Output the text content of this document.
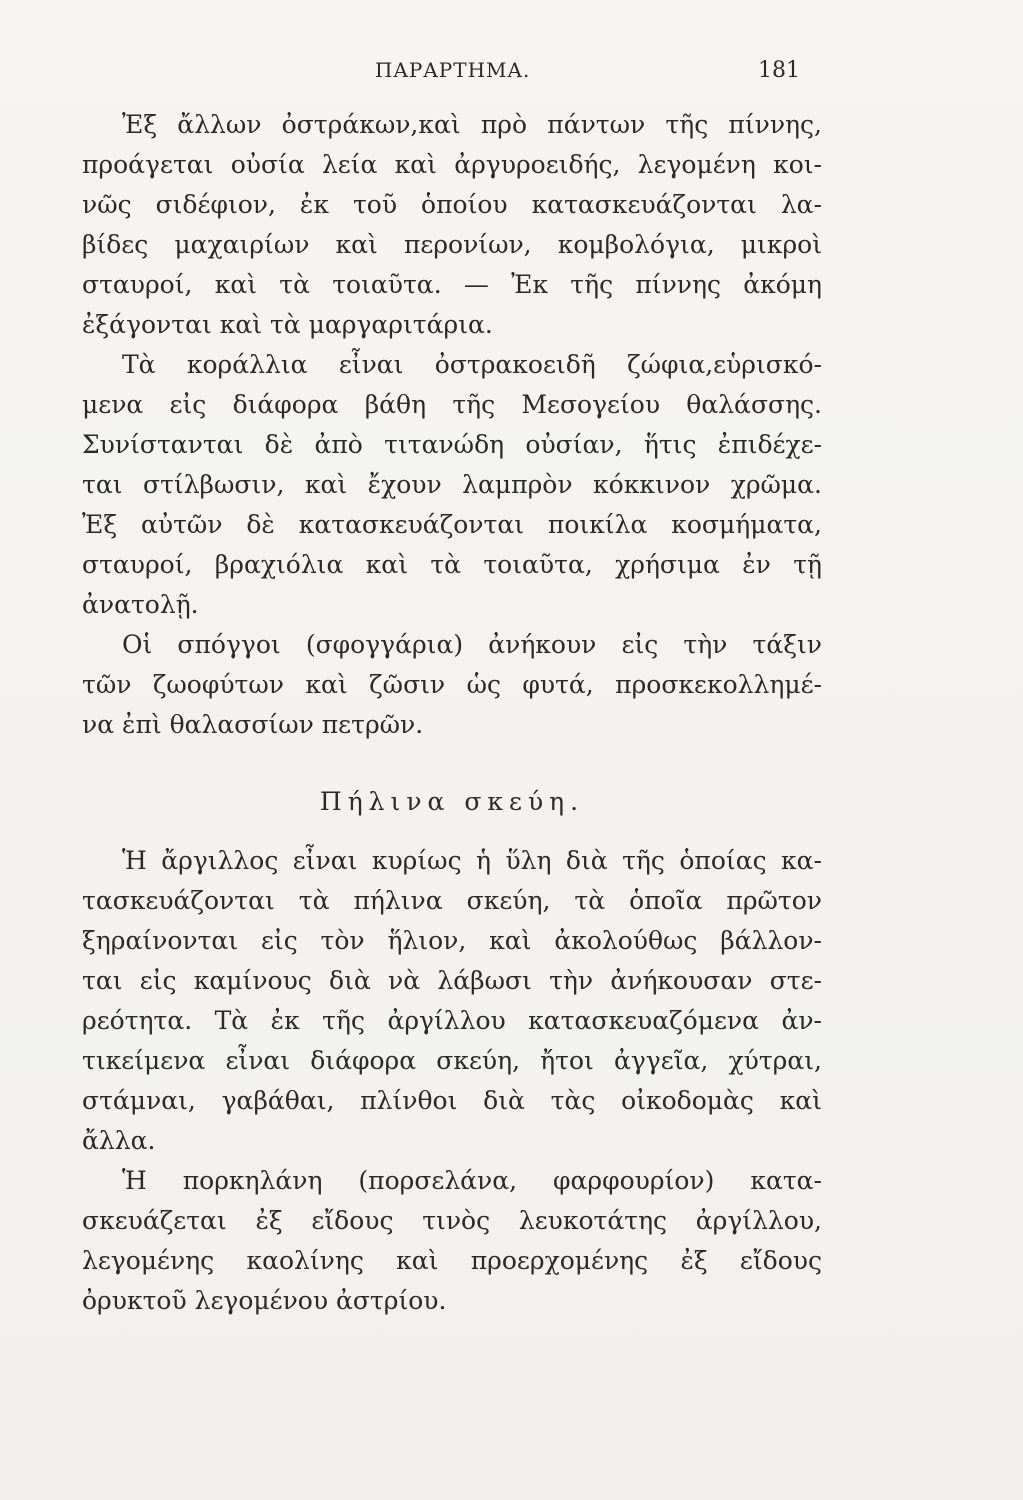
ΠΑΡΑΡΤΗΜΑ.	181
Ἐξ ἄλλων ὀστράκων,καὶ πρὸ πάντων τῆς πίννης,
προάγεται οὐσία λεία καὶ ἀργυροειδής, λεγομένη κοι-
νῶς σιδέφιον, ἐκ τοῦ ὁποίου κατασκευάζονται λα-
βίδες μαχαιρίων καὶ περονίων, κομβολόγια, μικροὶ
σταυροί, καὶ τὰ τοιαῦτα. — Ἐκ τῆς πίννης ἀκόμη
ἐξάγονται καὶ τὰ μαργαριτάρια.
Τὰ κοράλλια εἶναι ὀστρακοειδῆ ζώφια,εὑρισκό-
μενα εἰς διάφορα βάθη τῆς Μεσογείου θαλάσσης.
Συνίστανται δὲ ἀπὸ τιτανώδη οὐσίαν, ἥτις ἐπιδέχε-
ται στίλβωσιν, καὶ ἔχουν λαμπρὸν κόκκινον χρῶμα.
Ἐξ αὐτῶν δὲ κατασκευάζονται ποικίλα κοσμήματα,
σταυροί, βραχιόλια καὶ τὰ τοιαῦτα, χρήσιμα ἐν τῇ
ἀνατολῇ.
Οἱ σπόγγοι (σφογγάρια) ἀνήκουν εἰς τὴν τάξιν
τῶν ζωοφύτων καὶ ζῶσιν ὡς φυτά, προσκεκολλημέ-
να ἐπὶ θαλασσίων πετρῶν.
Πήλινα σκεύη.
Ἡ ἄργιλλος εἶναι κυρίως ἡ ὕλη διὰ τῆς ὁποίας κα-
τασκευάζονται τὰ πήλινα σκεύη, τὰ ὁποῖα πρῶτον
ξηραίνονται εἰς τὸν ἥλιον, καὶ ἀκολούθως βάλλον-
ται εἰς καμίνους διὰ νὰ λάβωσι τὴν ἀνήκουσαν στε-
ρεότητα. Τὰ ἐκ τῆς ἀργίλλου κατασκευαζόμενα ἀν-
τικείμενα εἶναι διάφορα σκεύη, ἤτοι ἀγγεῖα, χύτραι,
στάμναι, γαβάθαι, πλίνθοι διὰ τὰς οἰκοδομὰς καὶ
ἄλλα.
Ἡ πορκηλάνη (πορσελάνα, φαρφουρίον) κατα-
σκευάζεται ἐξ εἴδους τινὸς λευκοτάτης ἀργίλλου,
λεγομένης καολίνης καὶ προερχομένης ἐξ εἴδους
ὀρυκτοῦ λεγομένου ἀστρίου.
